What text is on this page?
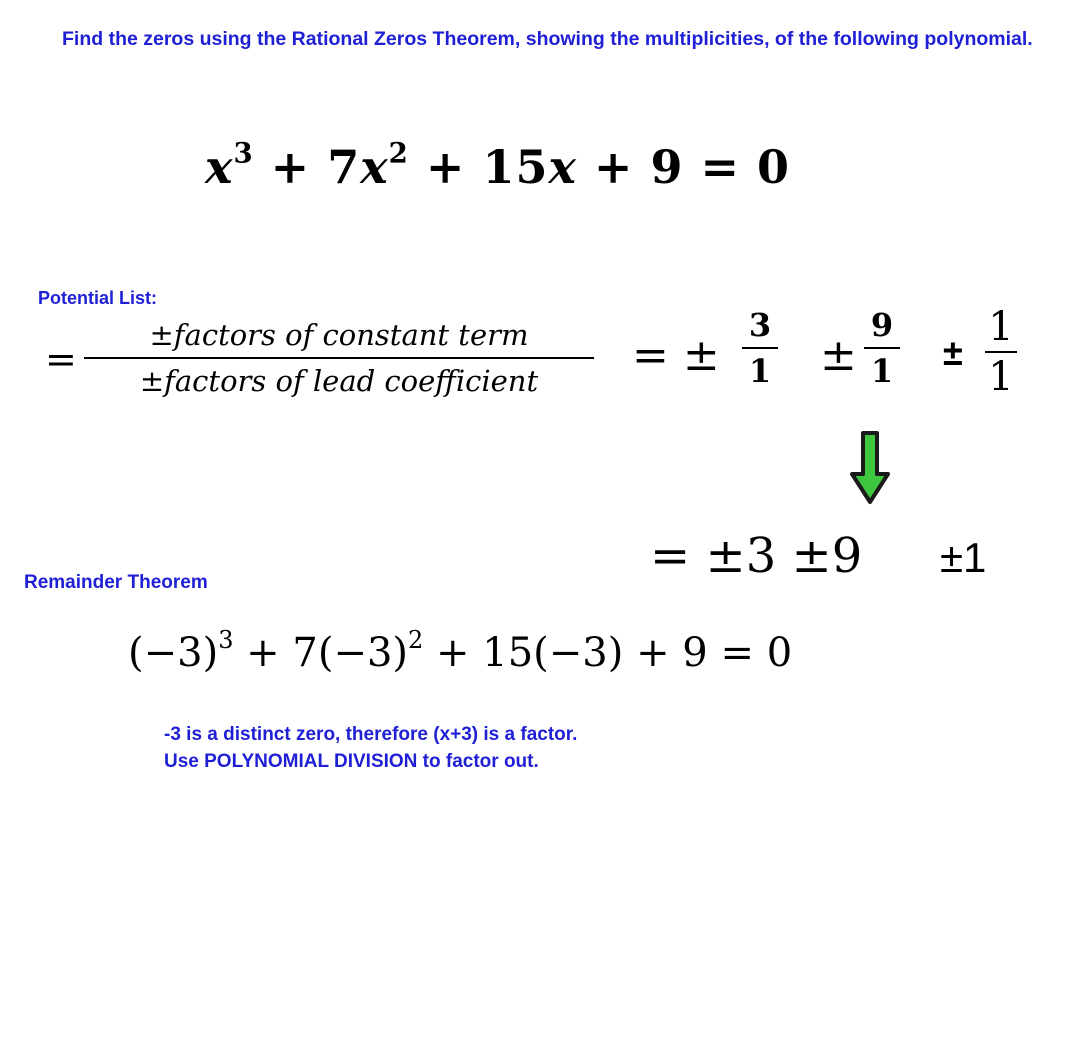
Find the zeros using the Rational Zeros Theorem, showing the multiplicities, of the following polynomial.
$x^3 + 7x^2 + 15x + 9 = 0$
Potential List:
=
±factors of constant term
±factors of lead coefficient	= ±
3
1 ±
9
1 ±
1
1
= ±3 ±9 ±1
Remainder Theorem
$(-3)^3 + 7(-3)^2 + 15(-3) + 9 = 0$
-3 is a distinct zero, therefore (x+3) is a factor.
Use POLYNOMIAL DIVISION to factor out.
